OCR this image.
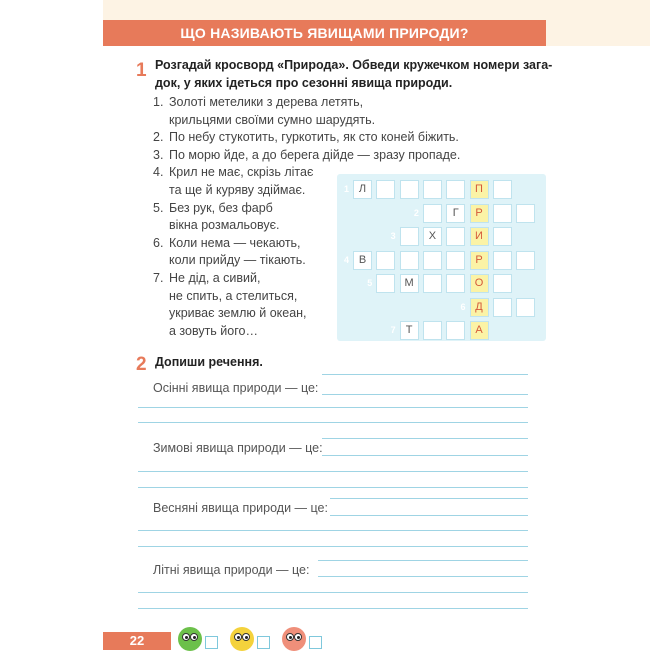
ЩО НАЗИВАЮТЬ ЯВИЩАМИ ПРИРОДИ?
1 Розгадай кросворд «Природа». Обведи кружечком номери зага-
док, у яких ідеться про сезонні явища природи.
1. Золоті метелики з дерева летять,
крильцями своїми сумно шарудять.
2. По небу стукотить, гуркотить, як сто коней біжить.
3. По морю йде, а до берега дійде — зразу пропаде.
4. Крил не має, скрізь літає
та ще й куряву здіймає.
5. Без рук, без фарб
вікна розмальовує.
6. Коли нема — чекають,
коли прийду — тікають.
7. Не дід, а сивий,
не спить, а стелиться,
укриває землю й океан,
а зовуть його…
1 Л	П
2	Г	Р
3	Х	И
4 В	Р
5	М	О
6 Д
7 Т	А
2 Допиши речення.
Осінні явища природи — це:
Зимові явища природи — це:
Весняні явища природи — це:
Літні явища природи — це:
22
